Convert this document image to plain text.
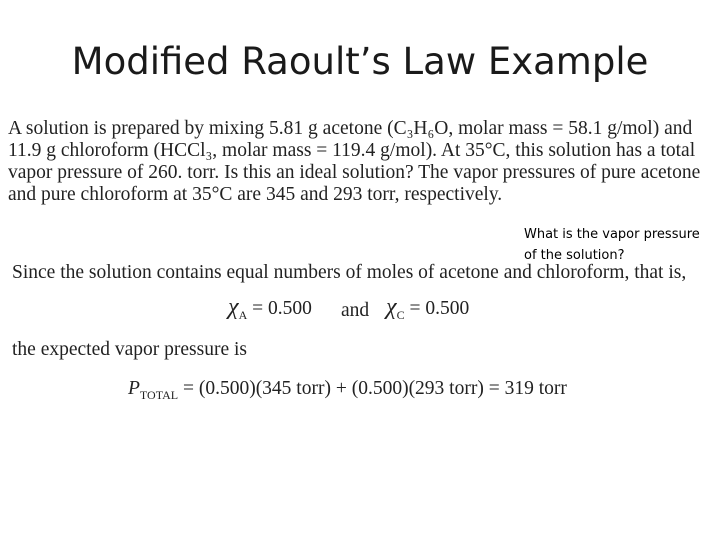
Modified Raoult’s Law Example
A solution is prepared by mixing 5.81 g acetone (C₃H₆O, molar mass = 58.1 g/mol) and
11.9 g chloroform (HCCl₃, molar mass = 119.4 g/mol). At 35°C, this solution has a total
vapor pressure of 260. torr. Is this an ideal solution? The vapor pressures of pure acetone
and pure chloroform at 35°C are 345 and 293 torr, respectively.
What is the vapor pressure
of the solution?
Since the solution contains equal numbers of moles of acetone and chloroform, that is,
$\chi_A = 0.500$ and $\chi_C = 0.500$
the expected vapor pressure is
$P_{TOTAL} = (0.500)(345$ torr) + (0.500)(293 torr) = 319 torr
